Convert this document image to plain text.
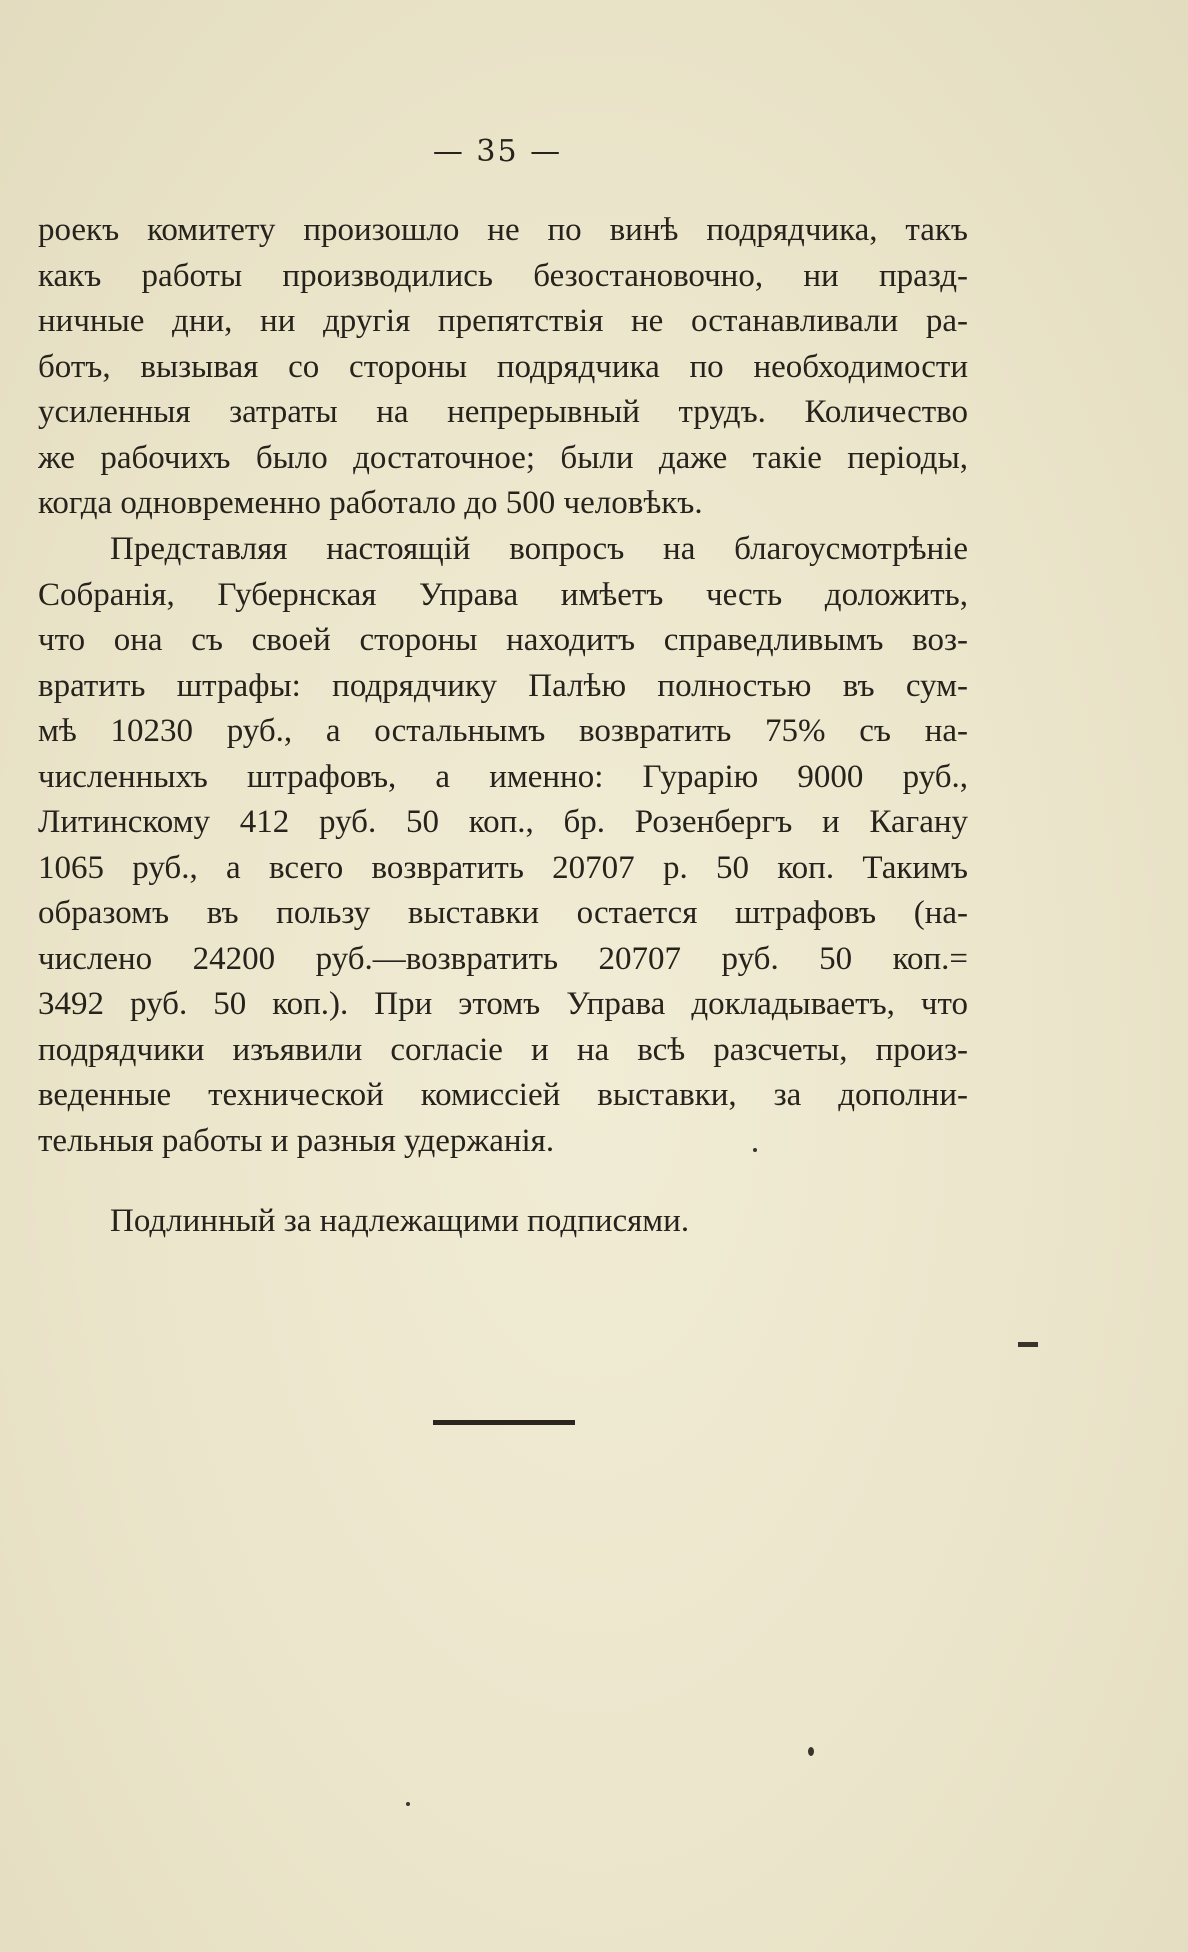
— 35 —
роекъ комитету произошло не по винѣ подрядчика, такъ
какъ работы производились безостановочно, ни празд-
ничные дни, ни другія препятствія не останавливали ра-
ботъ, вызывая со стороны подрядчика по необходимости
усиленныя затраты на непрерывный трудъ. Количество
же рабочихъ было достаточное; были даже такіе періоды,
когда одновременно работало до 500 человѣкъ.
Представляя настоящій вопросъ на благоусмотрѣніе
Собранія, Губернская Управа имѣетъ честь доложить,
что она съ своей стороны находитъ справедливымъ воз-
вратить штрафы: подрядчику Палѣю полностью въ сум-
мѣ 10230 руб., а остальнымъ возвратить 75% съ на-
численныхъ штрафовъ, а именно: Гурарію 9000 руб.,
Литинскому 412 руб. 50 коп., бр. Розенбергъ и Кагану
1065 руб., а всего возвратить 20707 р. 50 коп. Такимъ
образомъ въ пользу выставки остается штрафовъ (на-
числено 24200 руб.—возвратить 20707 руб. 50 коп.=
3492 руб. 50 коп.). При этомъ Управа докладываетъ, что
подрядчики изъявили согласіе и на всѣ разсчеты, произ-
веденные технической комиссіей выставки, за дополни-
тельныя работы и разныя удержанія.
Подлинный за надлежащими подписями.
